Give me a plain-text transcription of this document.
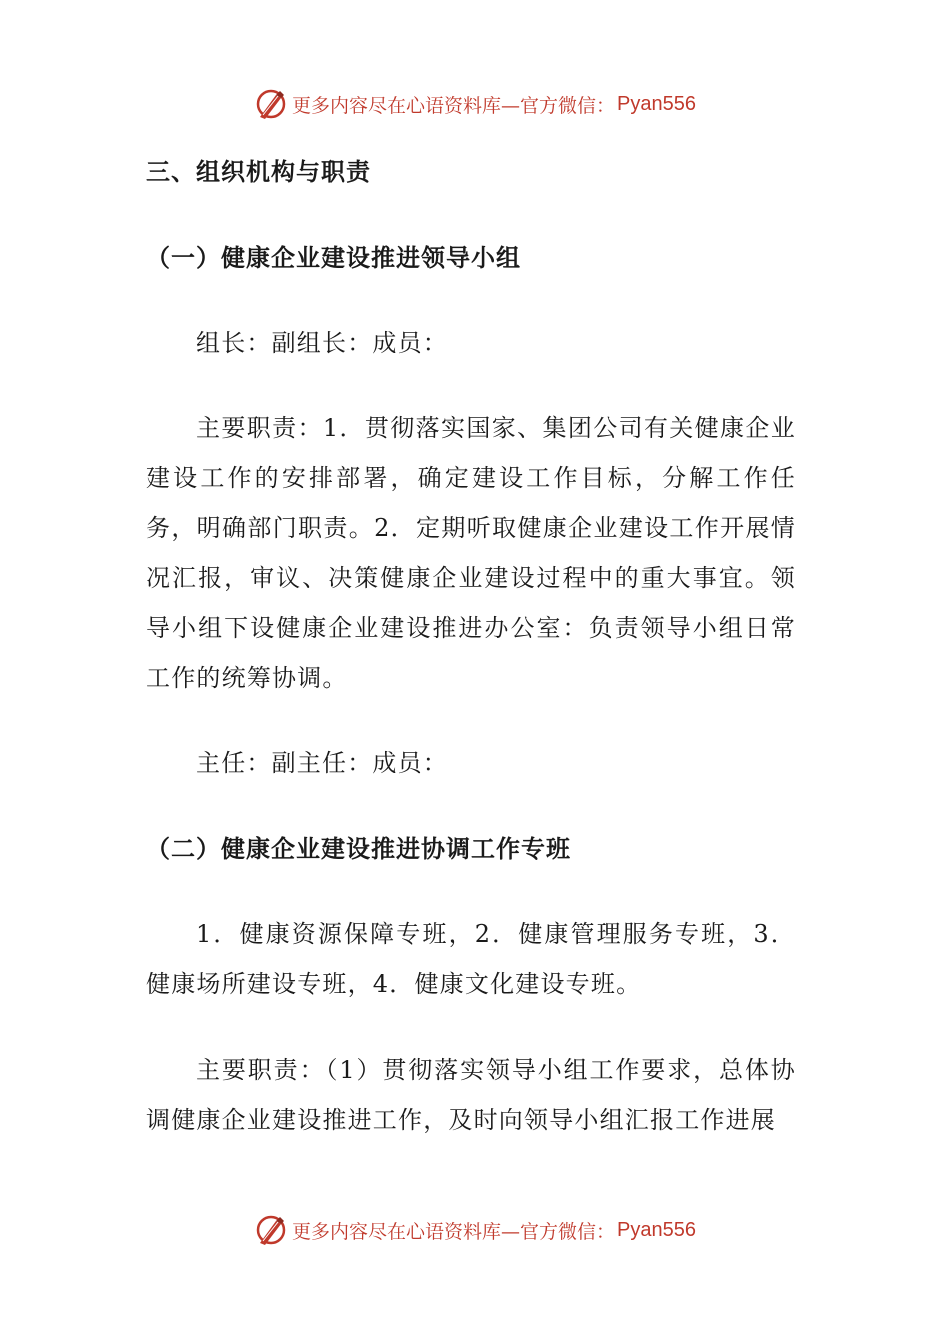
更多内容尽在心语资料库—官方微信： Pyan556
三、组织机构与职责
（一）健康企业建设推进领导小组
组长：副组长：成员：
主要职责：1．贯彻落实国家、集团公司有关健康企业建设工作的安排部署，确定建设工作目标，分解工作任务，明确部门职责。2．定期听取健康企业建设工作开展情况汇报，审议、决策健康企业建设过程中的重大事宜。领导小组下设健康企业建设推进办公室：负责领导小组日常工作的统筹协调。
主任：副主任：成员：
（二）健康企业建设推进协调工作专班
1．健康资源保障专班，2．健康管理服务专班，3．健康场所建设专班，4．健康文化建设专班。
主要职责：（1）贯彻落实领导小组工作要求，总体协调健康企业建设推进工作，及时向领导小组汇报工作进展
更多内容尽在心语资料库—官方微信： Pyan556
